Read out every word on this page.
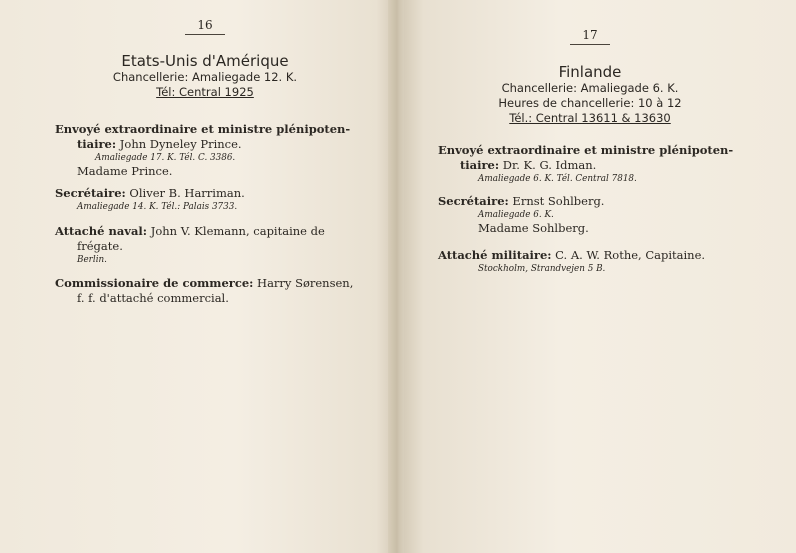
16
Etats-Unis d'Amérique
Chancellerie: Amaliegade 12. K.
Tél: Central 1925
Envoyé extraordinaire et ministre plénipoten-
tiaire: John Dyneley Prince.
Amaliegade 17. K. Tél. C. 3386.
Madame Prince.
Secrétaire: Oliver B. Harriman.
Amaliegade 14. K. Tél.: Palais 3733.
Attaché naval: John V. Klemann, capitaine de
frégate.
Berlin.
Commissionaire de commerce: Harry Sørensen,
f. f. d'attaché commercial.
17
Finlande
Chancellerie: Amaliegade 6. K.
Heures de chancellerie: 10 à 12
Tél.: Central 13611 & 13630
Envoyé extraordinaire et ministre plénipoten-
tiaire: Dr. K. G. Idman.
Amaliegade 6. K. Tél. Central 7818.
Secrétaire: Ernst Sohlberg.
Amaliegade 6. K.
Madame Sohlberg.
Attaché militaire: C. A. W. Rothe, Capitaine.
Stockholm, Strandvejen 5 B.
